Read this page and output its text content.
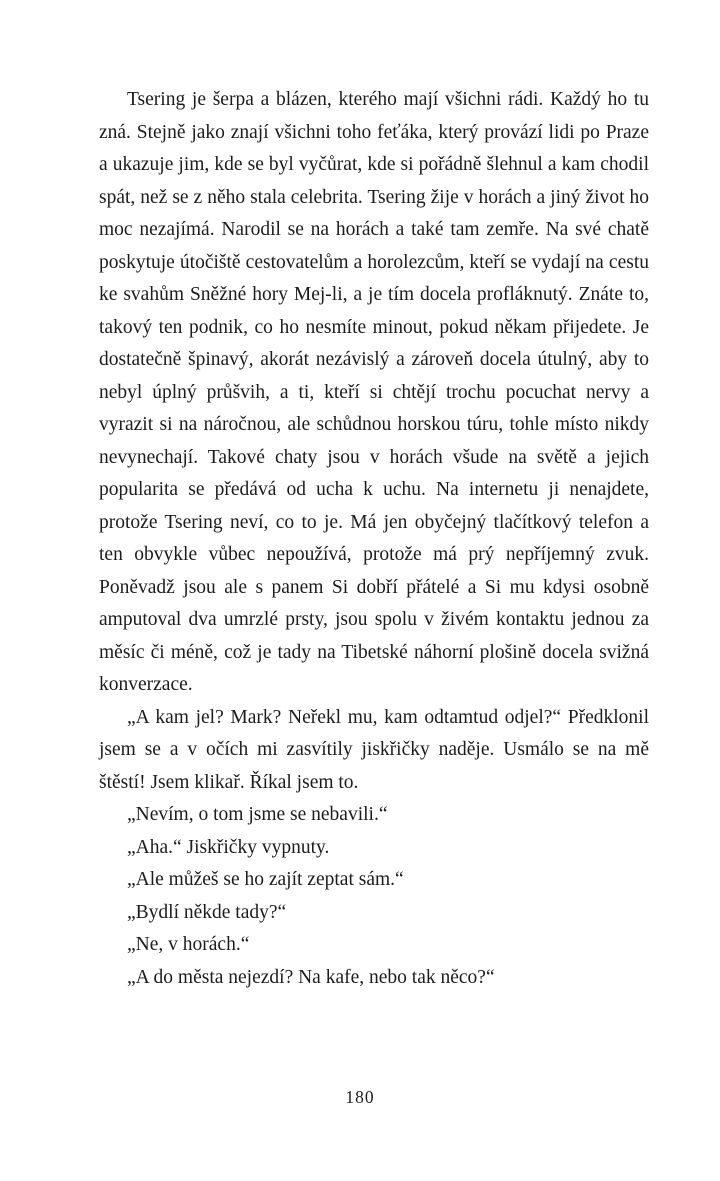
Tsering je šerpa a blázen, kterého mají všichni rádi. Každý ho tu zná. Stejně jako znají všichni toho feťáka, který provází lidi po Praze a ukazuje jim, kde se byl vyčůrat, kde si pořádně šlehnul a kam chodil spát, než se z něho stala celebrita. Tsering žije v horách a jiný život ho moc nezajímá. Narodil se na horách a také tam zemře. Na své chatě poskytuje útočiště cestovatelům a horolezcům, kteří se vydají na cestu ke svahům Sněžné hory Mej-li, a je tím docela profláknutý. Znáte to, takový ten podnik, co ho nesmíte minout, pokud někam přijedete. Je dostatečně špinavý, akorát nezávislý a zároveň docela útulný, aby to nebyl úplný průšvih, a ti, kteří si chtějí trochu pocuchat nervy a vyrazit si na náročnou, ale schůdnou horskou túru, tohle místo nikdy nevynechají. Takové chaty jsou v horách všude na světě a jejich popularita se předává od ucha k uchu. Na internetu ji nenajdete, protože Tsering neví, co to je. Má jen obyčejný tlačítkový telefon a ten obvykle vůbec nepoužívá, protože má prý nepříjemný zvuk. Poněvadž jsou ale s panem Si dobří přátelé a Si mu kdysi osobně amputoval dva umrzlé prsty, jsou spolu v živém kontaktu jednou za měsíc či méně, což je tady na Tibetské náhorní plošině docela svižná konverzace.

„A kam jel? Mark? Neřekl mu, kam odtamtud odjel?“ Předklonil jsem se a v očích mi zasvítily jiskřičky naděje. Usmálo se na mě štěstí! Jsem klikař. Říkal jsem to.

„Nevím, o tom jsme se nebavili.“

„Aha.“ Jiskřičky vypnuty.

„Ale můžeš se ho zajít zeptat sám.“

„Bydlí někde tady?“

„Ne, v horách.“

„A do města nejezdí? Na kafe, nebo tak něco?“

180
